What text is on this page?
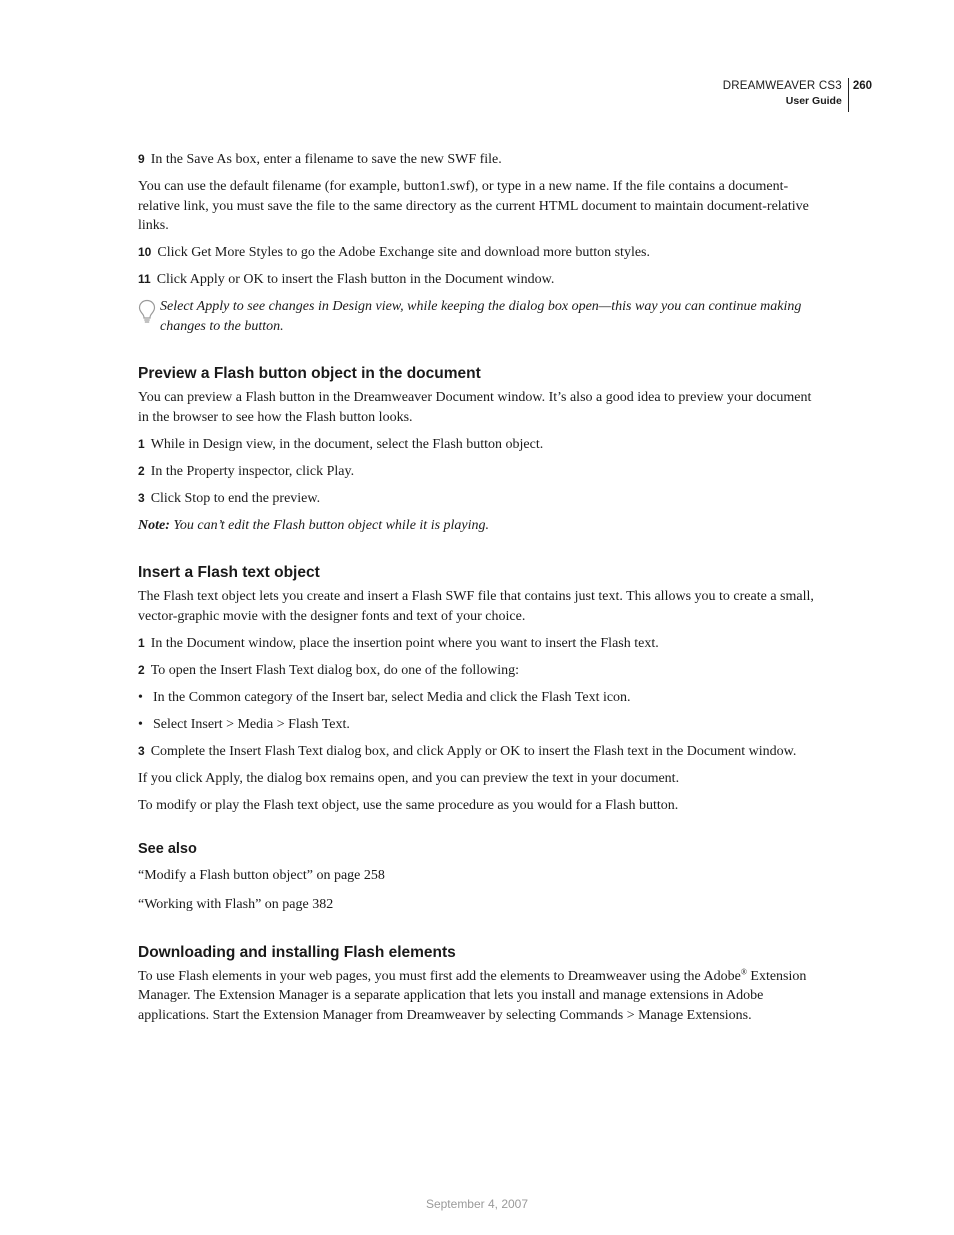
DREAMWEAVER CS3
User Guide
260
9 In the Save As box, enter a filename to save the new SWF file.
You can use the default filename (for example, button1.swf), or type in a new name. If the file contains a document-relative link, you must save the file to the same directory as the current HTML document to maintain document-relative links.
10 Click Get More Styles to go the Adobe Exchange site and download more button styles.
11 Click Apply or OK to insert the Flash button in the Document window.
Select Apply to see changes in Design view, while keeping the dialog box open—this way you can continue making changes to the button.
Preview a Flash button object in the document
You can preview a Flash button in the Dreamweaver Document window. It’s also a good idea to preview your document in the browser to see how the Flash button looks.
1 While in Design view, in the document, select the Flash button object.
2 In the Property inspector, click Play.
3 Click Stop to end the preview.
Note: You can’t edit the Flash button object while it is playing.
Insert a Flash text object
The Flash text object lets you create and insert a Flash SWF file that contains just text. This allows you to create a small, vector-graphic movie with the designer fonts and text of your choice.
1 In the Document window, place the insertion point where you want to insert the Flash text.
2 To open the Insert Flash Text dialog box, do one of the following:
• In the Common category of the Insert bar, select Media and click the Flash Text icon.
• Select Insert > Media > Flash Text.
3 Complete the Insert Flash Text dialog box, and click Apply or OK to insert the Flash text in the Document window.
If you click Apply, the dialog box remains open, and you can preview the text in your document.
To modify or play the Flash text object, use the same procedure as you would for a Flash button.
See also
“Modify a Flash button object” on page 258
“Working with Flash” on page 382
Downloading and installing Flash elements
To use Flash elements in your web pages, you must first add the elements to Dreamweaver using the Adobe® Extension Manager. The Extension Manager is a separate application that lets you install and manage extensions in Adobe applications. Start the Extension Manager from Dreamweaver by selecting Commands > Manage Extensions.
September 4, 2007
